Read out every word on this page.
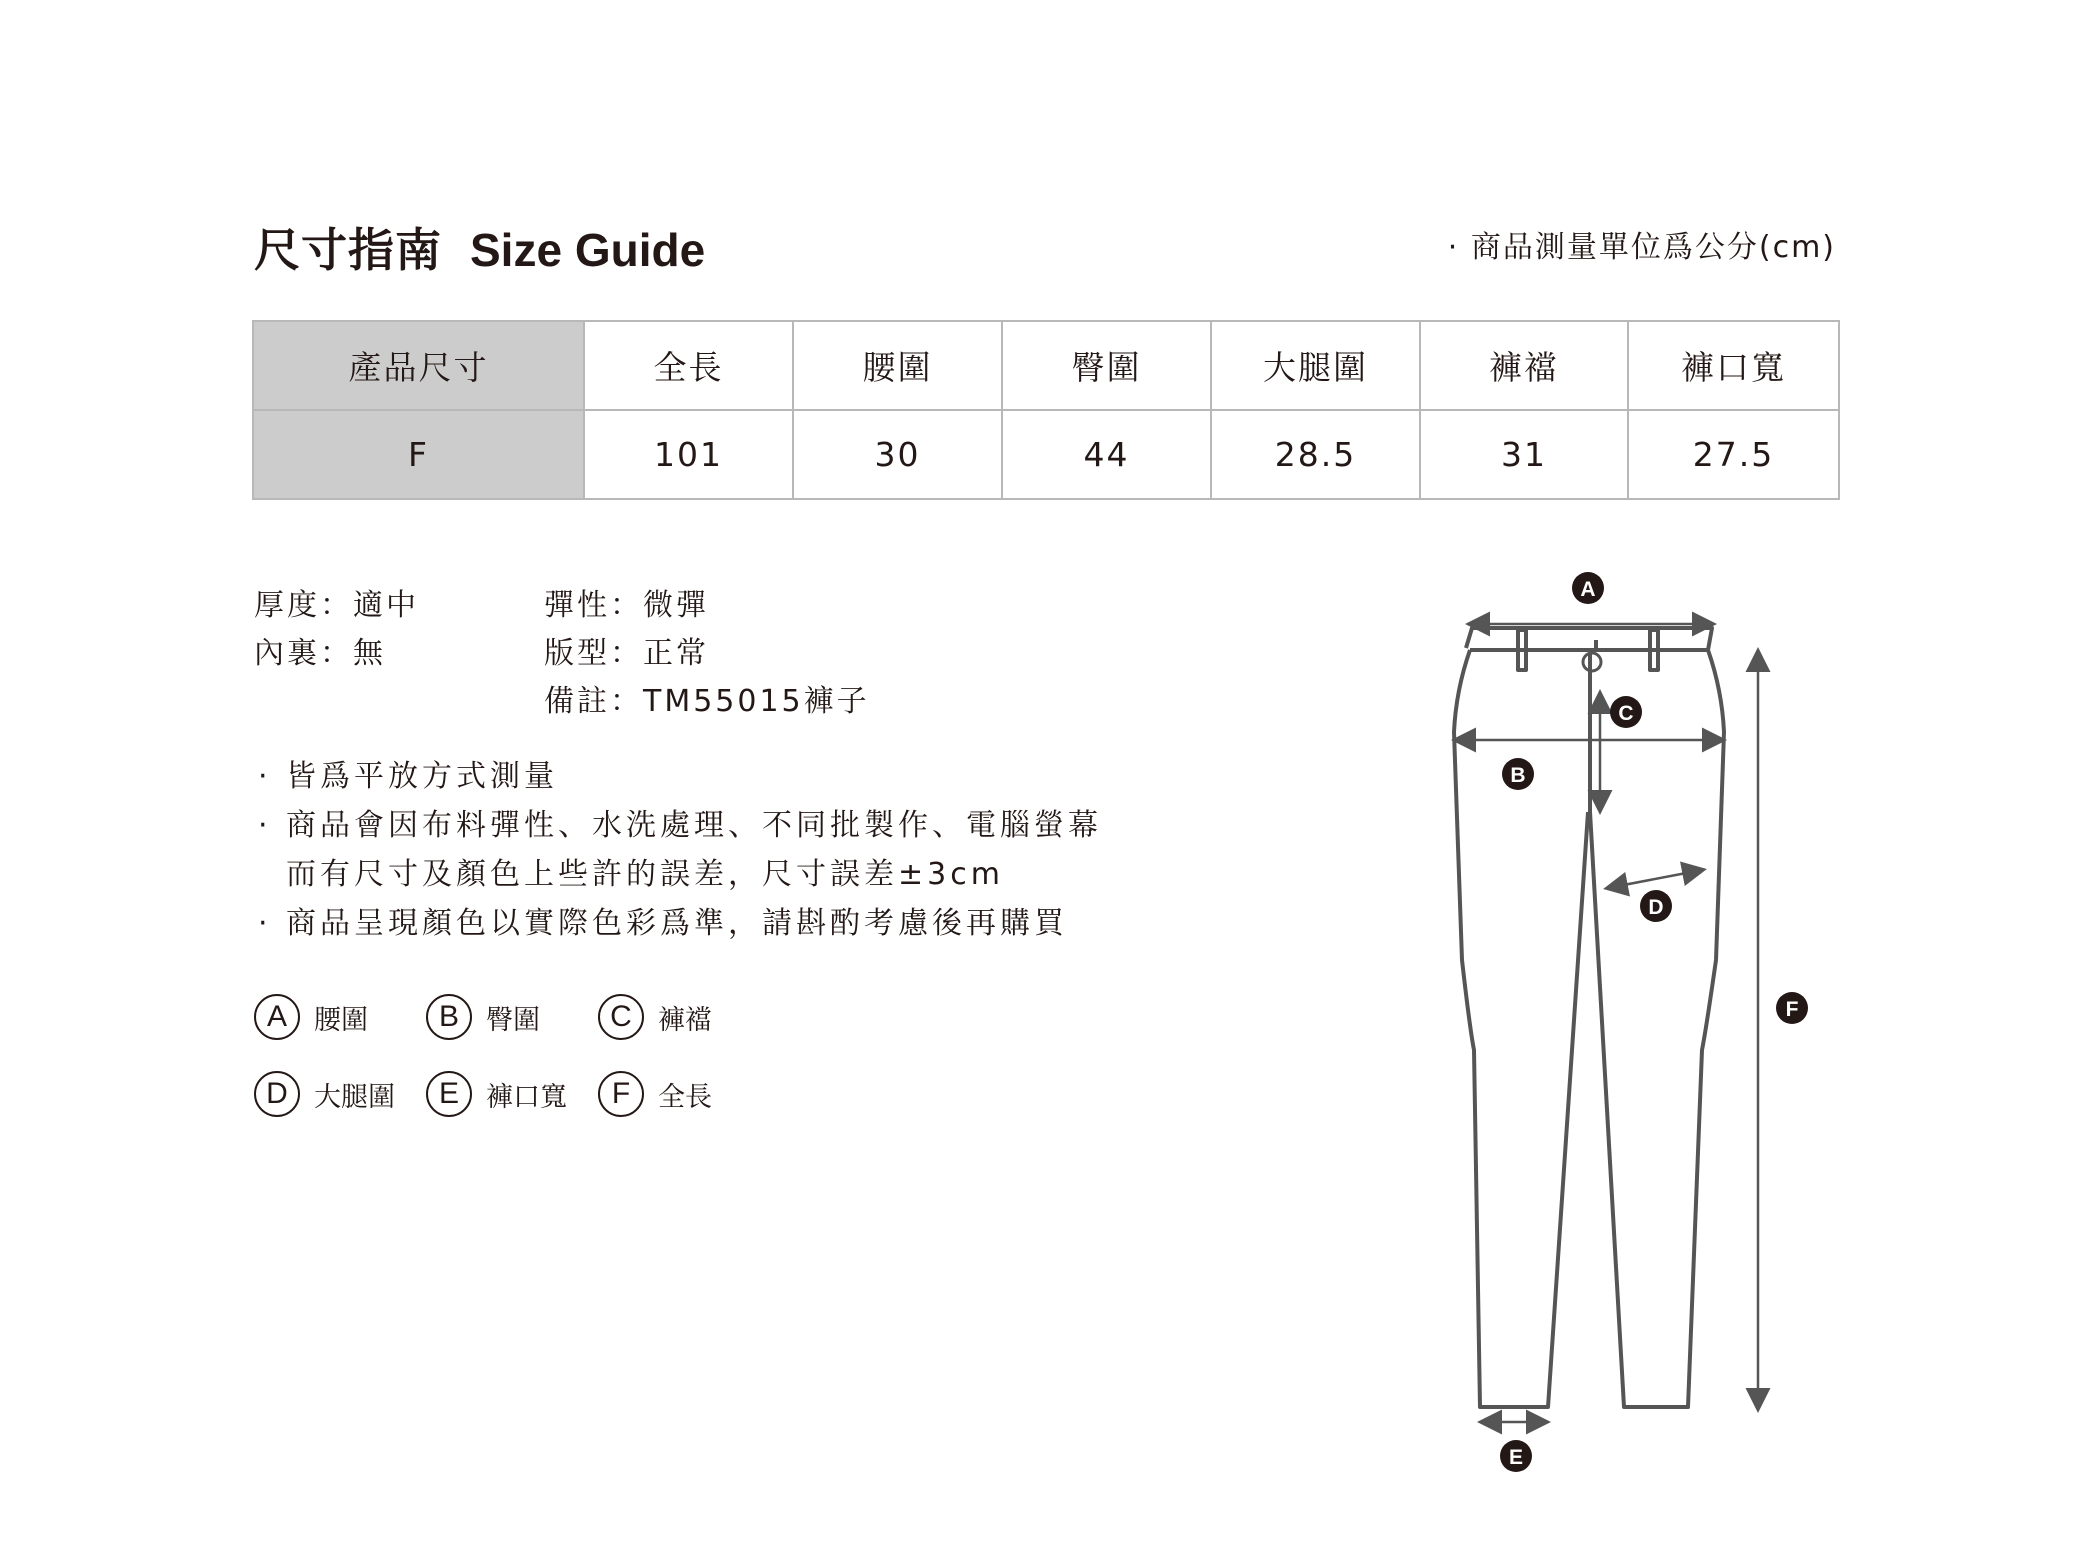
尺寸指南 Size Guide	· 商品測量單位爲公分(cm)
產品尺寸	全長	腰圍	臀圍	大腿圍	褲襠	褲口寬
F	101	30	44	28.5	31	27.5
厚度：適中
內裏：無
彈性：微彈
版型：正常
備註：TM55015褲子
· 皆爲平放方式測量
· 商品會因布料彈性、水洗處理、不同批製作、電腦螢幕
而有尺寸及顏色上些許的誤差，尺寸誤差±3cm
· 商品呈現顏色以實際色彩爲準，請斟酌考慮後再購買
A	腰圍	B	臀圍	C 褲襠
D 大腿圍	E	褲口寬	F	全長
A
B
C
D
E
F
